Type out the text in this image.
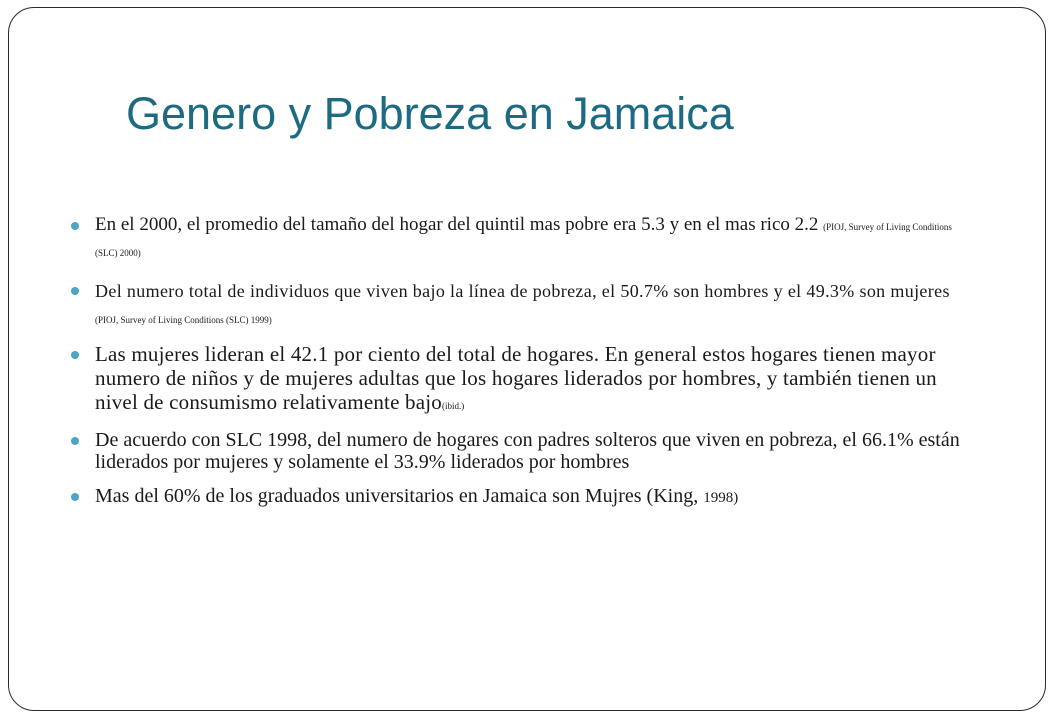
Genero y Pobreza en Jamaica
En el 2000, el promedio del tamaño del hogar del quintil mas pobre era 5.3 y en el mas rico 2.2 (PIOJ, Survey of Living Conditions (SLC) 2000)
Del numero total de individuos que viven bajo la línea de pobreza, el 50.7% son hombres y el 49.3% son mujeres (PIOJ, Survey of Living Conditions (SLC) 1999)
Las mujeres lideran el 42.1 por ciento del total de hogares. En general estos hogares tienen mayor numero de niños y de mujeres adultas que los hogares liderados por hombres, y también tienen un nivel de consumismo relativamente bajo(ibid.)
De acuerdo con SLC 1998, del numero de hogares con padres solteros que viven en pobreza, el 66.1% están liderados por mujeres y solamente el 33.9% liderados por hombres
Mas del 60% de los graduados universitarios en Jamaica son Mujres (King, 1998)
